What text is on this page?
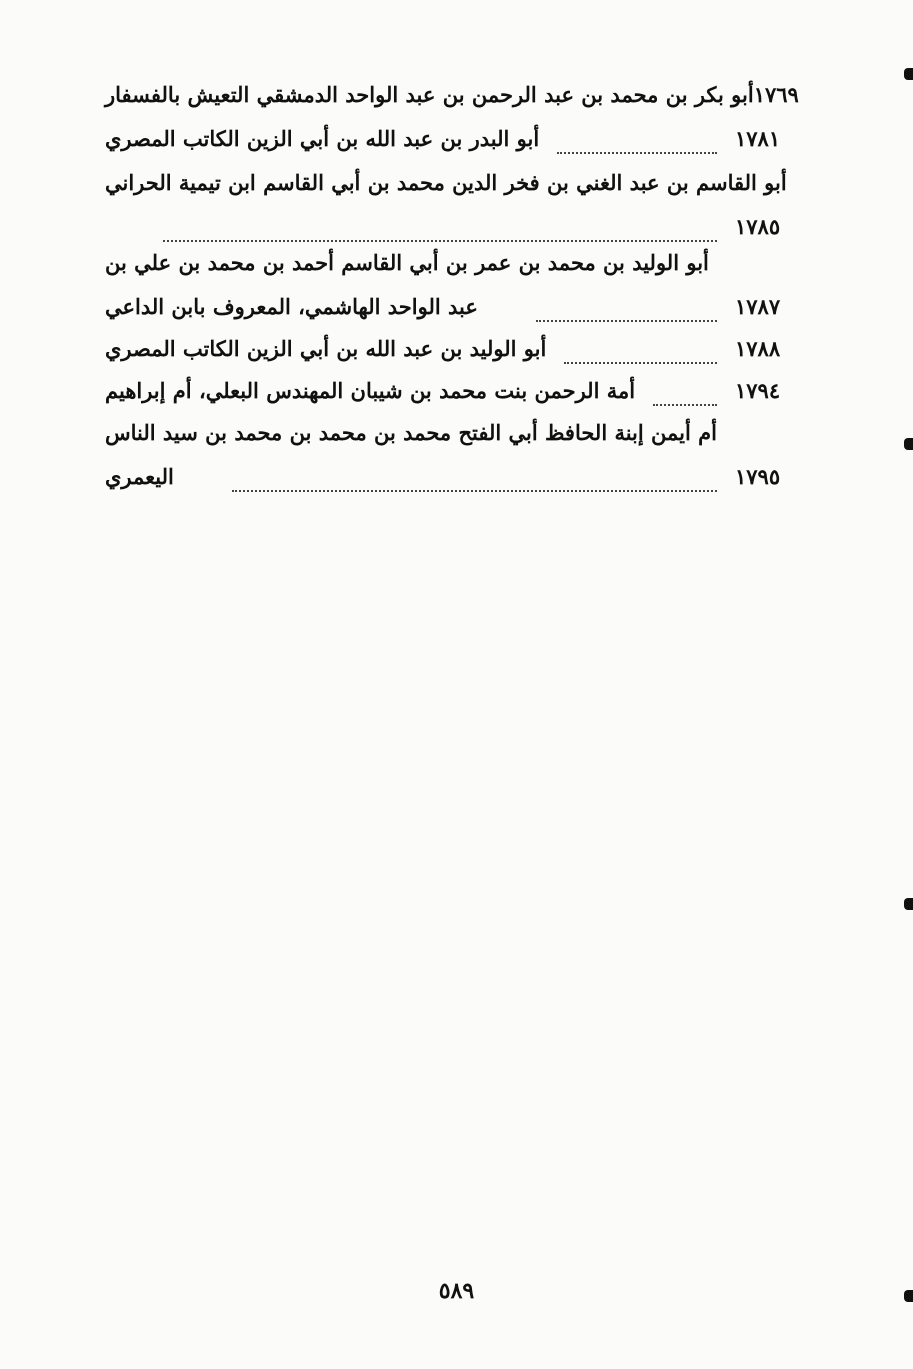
أبو بكر بن محمد بن عبد الرحمن بن عبد الواحد الدمشقي التعيش بالفسفار ١٧٦٩
أبو البدر بن عبد الله بن أبي الزين الكاتب المصري	١٧٨١
أبو القاسم بن عبد الغني بن فخر الدين محمد بن أبي القاسم ابن تيمية الحراني
١٧٨٥
أبو الوليد بن محمد بن عمر بن أبي القاسم أحمد بن محمد بن علي بن
عبد الواحد الهاشمي، المعروف بابن الداعي	١٧٨٧
أبو الوليد بن عبد الله بن أبي الزين الكاتب المصري	١٧٨٨
أمة الرحمن بنت محمد بن شيبان المهندس البعلي، أم إبراهيم	١٧٩٤
أم أيمن إبنة الحافظ أبي الفتح محمد بن محمد بن محمد بن سيد الناس
اليعمري	١٧٩٥
٥٨٩
